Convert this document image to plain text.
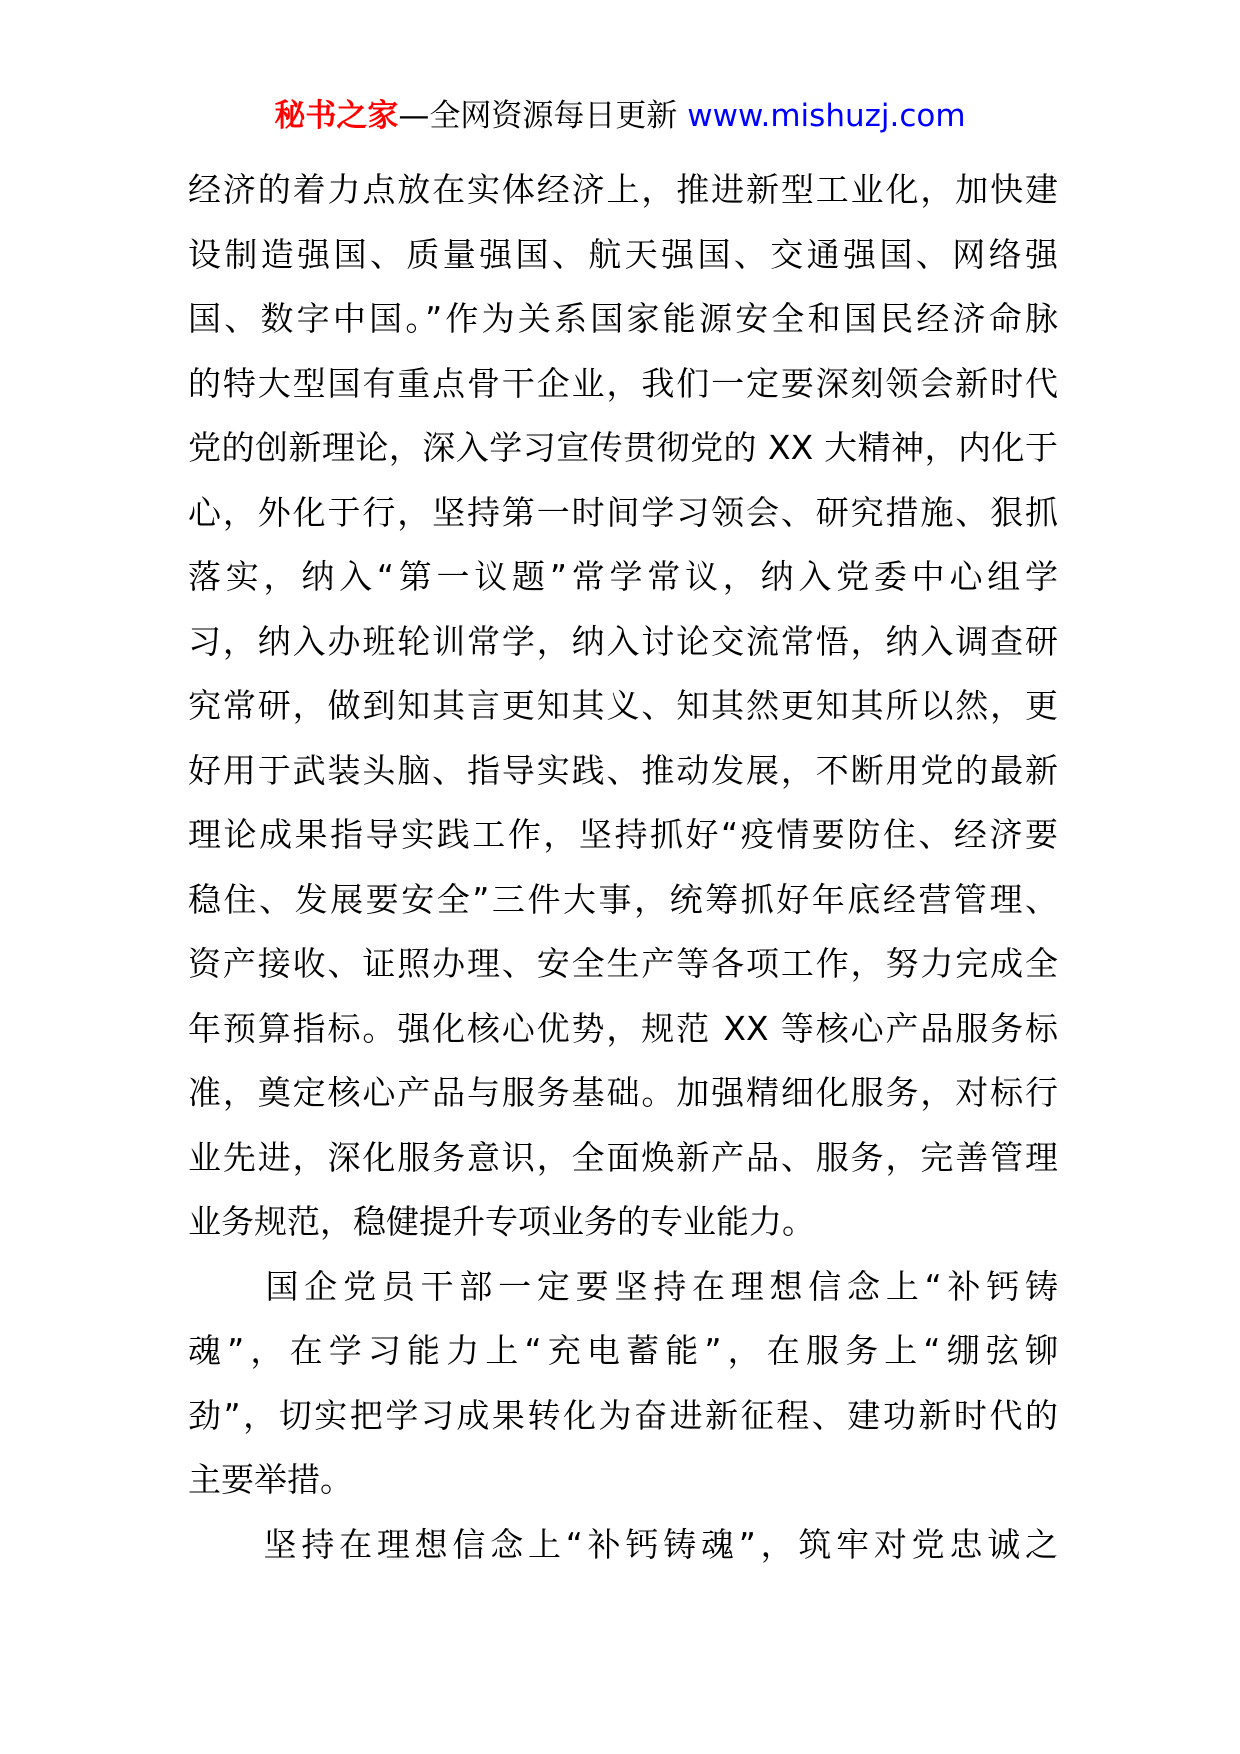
秘书之家—全网资源每日更新 www.mishuzj.com

经济的着力点放在实体经济上，推进新型工业化，加快建
设制造强国、质量强国、航天强国、交通强国、网络强
国、数字中国。”作为关系国家能源安全和国民经济命脉
的特大型国有重点骨干企业，我们一定要深刻领会新时代
党的创新理论，深入学习宣传贯彻党的 XX 大精神，内化于
心，外化于行，坚持第一时间学习领会、研究措施、狠抓
落实，纳入“第一议题”常学常议，纳入党委中心组学
习，纳入办班轮训常学，纳入讨论交流常悟，纳入调查研
究常研，做到知其言更知其义、知其然更知其所以然，更
好用于武装头脑、指导实践、推动发展，不断用党的最新
理论成果指导实践工作，坚持抓好“疫情要防住、经济要
稳住、发展要安全”三件大事，统筹抓好年底经营管理、
资产接收、证照办理、安全生产等各项工作，努力完成全
年预算指标。强化核心优势，规范 XX 等核心产品服务标
准，奠定核心产品与服务基础。加强精细化服务，对标行
业先进，深化服务意识，全面焕新产品、服务，完善管理
业务规范，稳健提升专项业务的专业能力。

　　国企党员干部一定要坚持在理想信念上“补钙铸
魂”，在学习能力上“充电蓄能”，在服务上“绷弦铆
劲”，切实把学习成果转化为奋进新征程、建功新时代的
主要举措。

　　坚持在理想信念上“补钙铸魂”，筑牢对党忠诚之
